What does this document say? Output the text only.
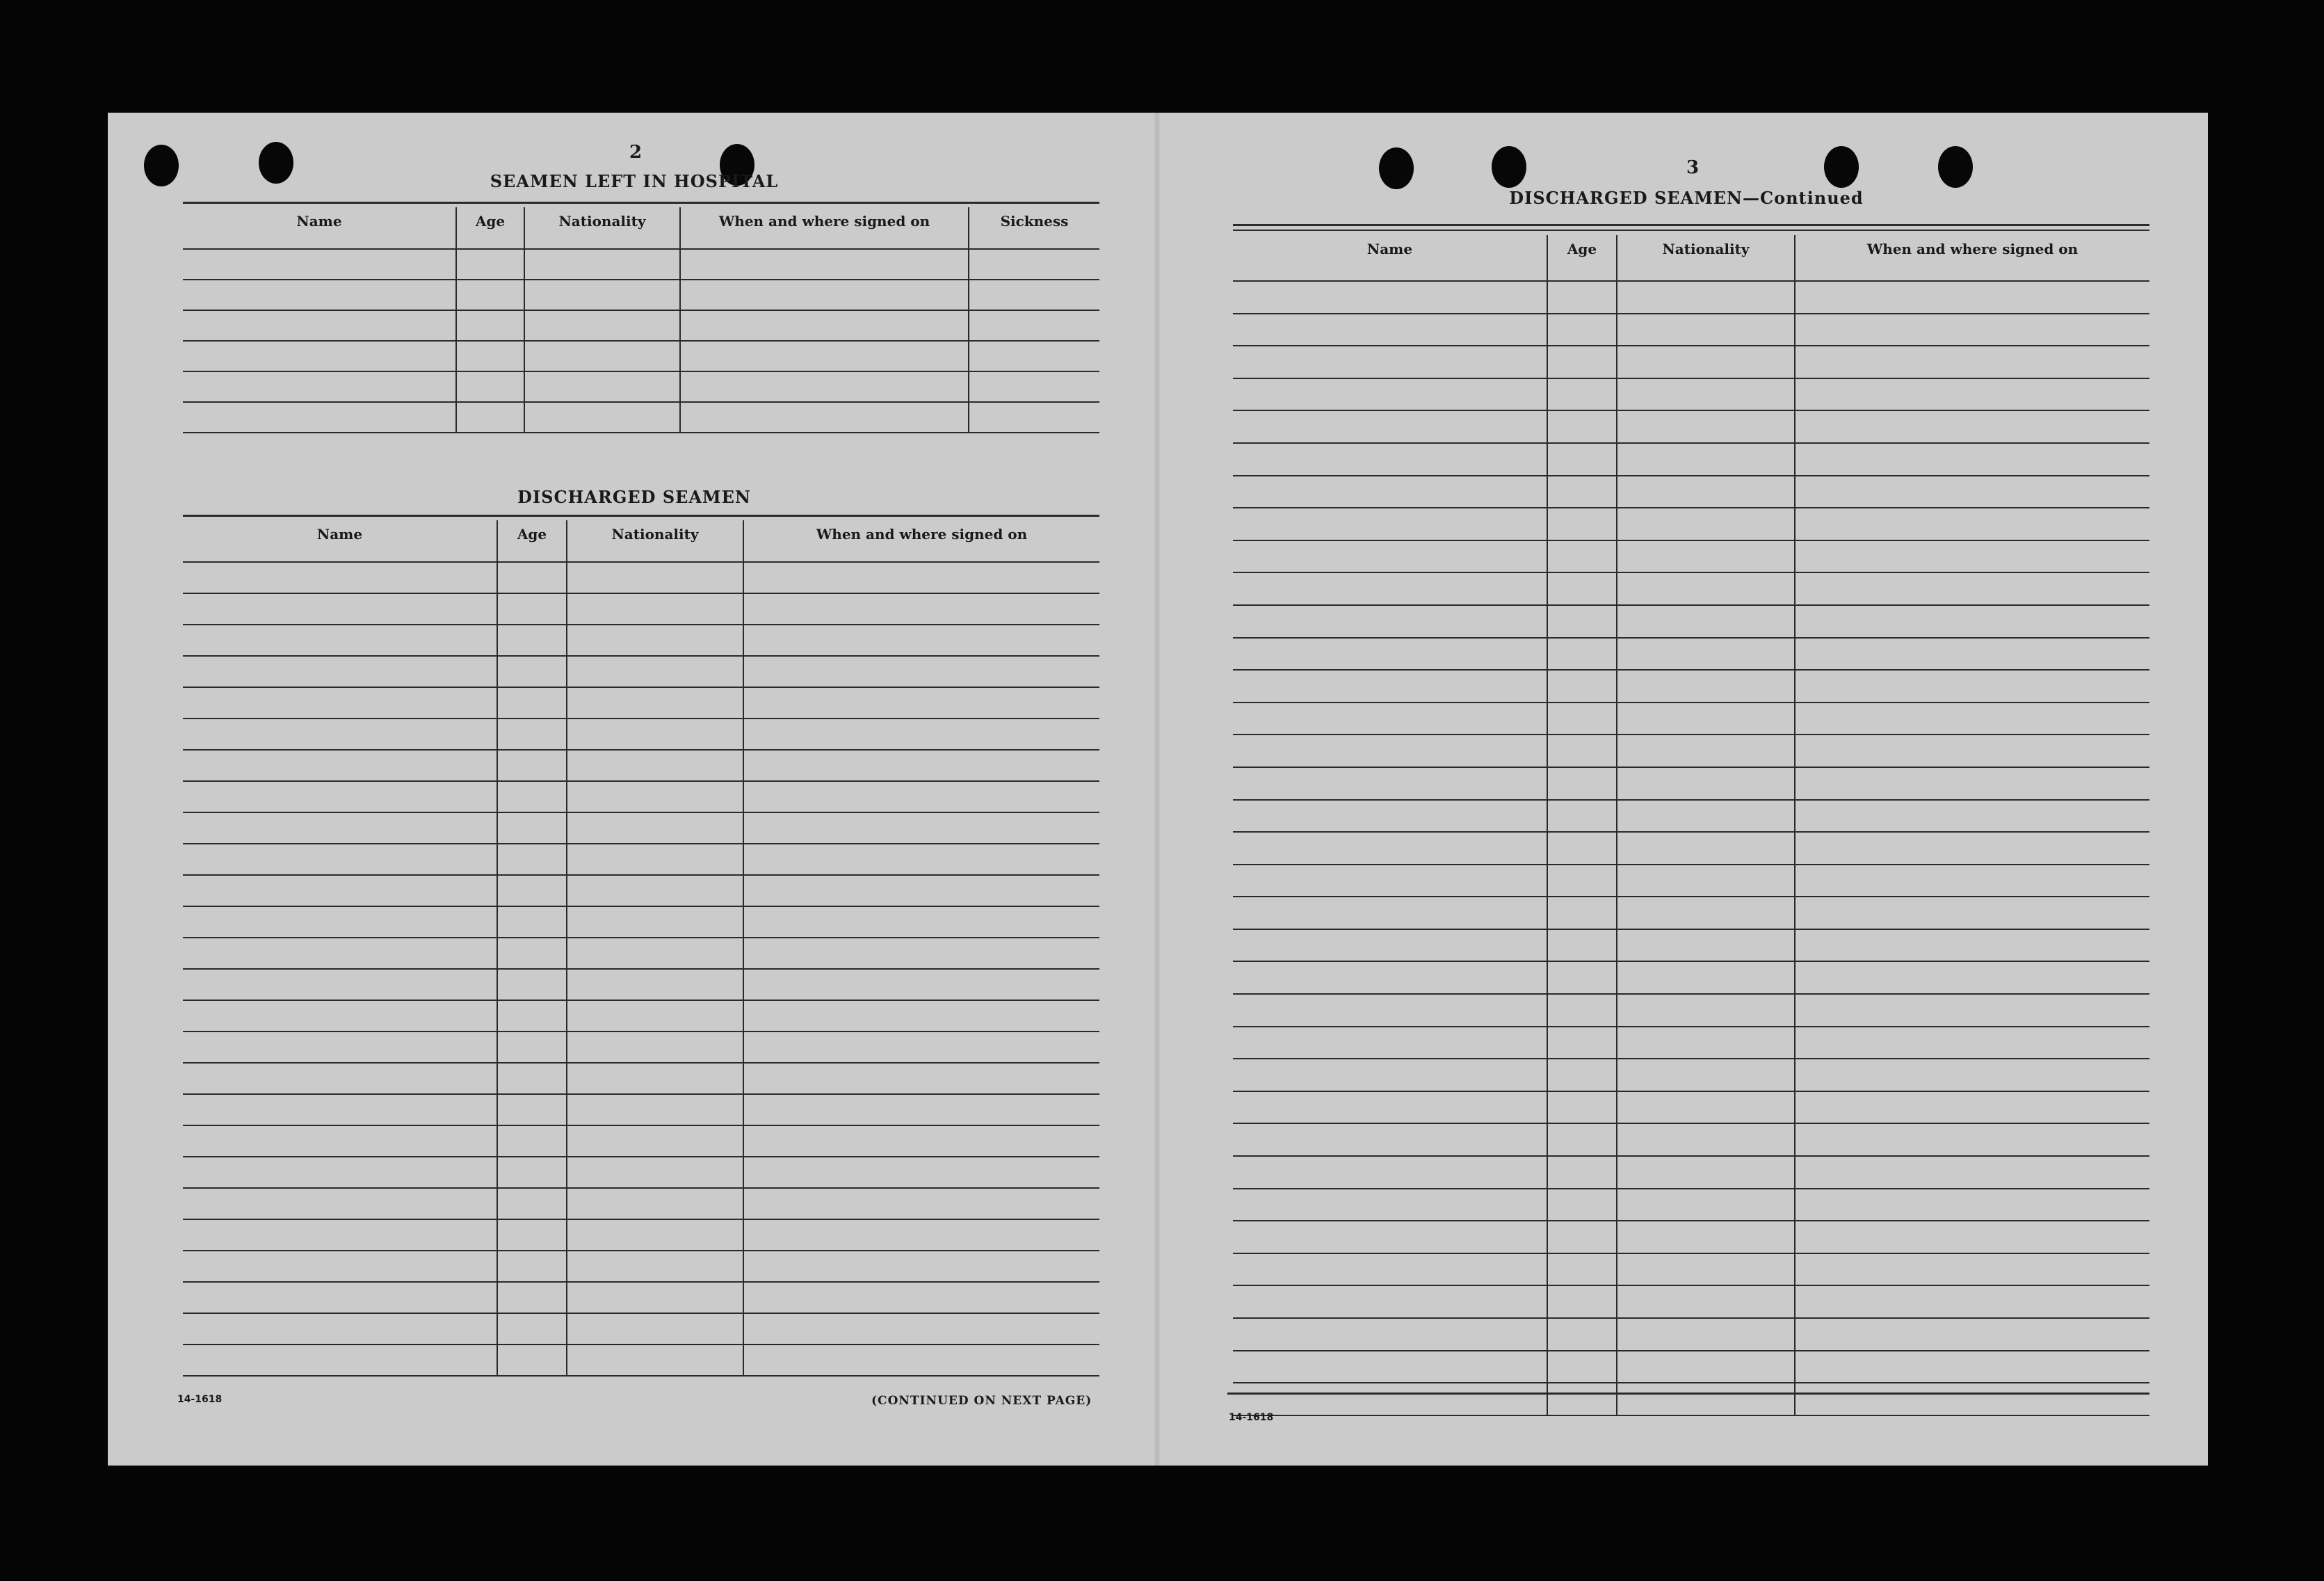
2
SEAMEN LEFT IN HOSPITAL
Name	Age	Nationality	When and where signed on	Sickness

DISCHARGED SEAMEN
Name	Age	Nationality	When and where signed on

14-1618	(CONTINUED ON NEXT PAGE)
3
DISCHARGED SEAMEN—Continued
Name	Age	Nationality	When and where signed on

14-1618
